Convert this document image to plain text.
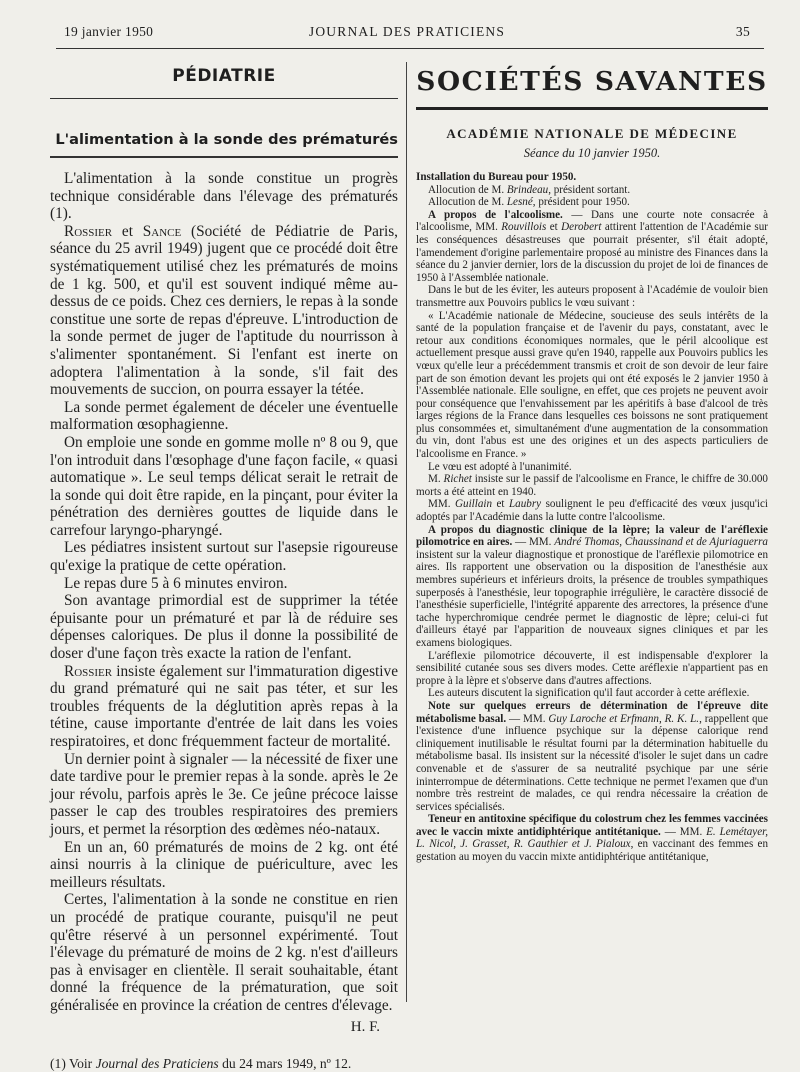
19 janvier 1950	JOURNAL DES PRATICIENS	35
PÉDIATRIE
L'alimentation à la sonde des prématurés

L'alimentation à la sonde constitue un progrès technique considérable dans l'élevage des prématurés (1).

Rossier et Sance (Société de Pédiatrie de Paris, séance du 25 avril 1949) jugent que ce procédé doit être systématiquement utilisé chez les prématurés de moins de 1 kg. 500, et qu'il est souvent indiqué même au-dessus de ce poids. Chez ces derniers, le repas à la sonde constitue une sorte de repas d'épreuve. L'introduction de la sonde permet de juger de l'aptitude du nourrisson à s'alimenter spontanément. Si l'enfant est inerte on adoptera l'alimentation à la sonde, s'il fait des mouvements de succion, on pourra essayer la tétée.

La sonde permet également de déceler une éventuelle malformation œsophagienne.

On emploie une sonde en gomme molle nº 8 ou 9, que l'on introduit dans l'œsophage d'une façon facile, « quasi automatique ». Le seul temps délicat serait le retrait de la sonde qui doit être rapide, en la pinçant, pour éviter la pénétration des dernières gouttes de liquide dans le carrefour laryngo-pharyngé.

Les pédiatres insistent surtout sur l'asepsie rigoureuse qu'exige la pratique de cette opération.

Le repas dure 5 à 6 minutes environ.

Son avantage primordial est de supprimer la tétée épuisante pour un prématuré et par là de réduire ses dépenses caloriques. De plus il donne la possibilité de doser d'une façon très exacte la ration de l'enfant.

Rossier insiste également sur l'immaturation digestive du grand prématuré qui ne sait pas téter, et sur les troubles fréquents de la déglutition après repas à la tétine, cause importante d'entrée de lait dans les voies respiratoires, et donc fréquemment facteur de mortalité.

Un dernier point à signaler — la nécessité de fixer une date tardive pour le premier repas à la sonde. après le 2e jour révolu, parfois après le 3e. Ce jeûne précoce laisse passer le cap des troubles respiratoires des premiers jours, et permet la résorption des œdèmes néo-nataux.

En un an, 60 prématurés de moins de 2 kg. ont été ainsi nourris à la clinique de puériculture, avec les meilleurs résultats.

Certes, l'alimentation à la sonde ne constitue en rien un procédé de pratique courante, puisqu'il ne peut qu'être réservé à un personnel expérimenté. Tout l'élevage du prématuré de moins de 2 kg. n'est d'ailleurs pas à envisager en clientèle. Il serait souhaitable, étant donné la fréquence de la prématuration, que soit généralisée en province la création de centres d'élevage.

H. F.
(1) Voir Journal des Praticiens du 24 mars 1949, nº 12.
SOCIÉTÉS SAVANTES
ACADÉMIE NATIONALE DE MÉDECINE
Séance du 10 janvier 1950.

Installation du Bureau pour 1950.

Allocution de M. Brindeau, président sortant.

Allocution de M. Lesné, président pour 1950.

A propos de l'alcoolisme. — Dans une courte note consacrée à l'alcoolisme, MM. Rouvillois et Derobert attirent l'attention de l'Académie sur les conséquences désastreuses que pourrait présenter, s'il était adopté, l'amendement d'origine parlementaire proposé au ministre des Finances dans la séance du 2 janvier dernier, lors de la discussion du projet de loi de finances de 1950 à l'Assemblée nationale.

Dans le but de les éviter, les auteurs proposent à l'Académie de vouloir bien transmettre aux Pouvoirs publics le vœu suivant :

« L'Académie nationale de Médecine, soucieuse des seuls intérêts de la santé de la population française et de l'avenir du pays, constatant, avec le retour aux conditions économiques normales, que le péril alcoolique est actuellement presque aussi grave qu'en 1940, rappelle aux Pouvoirs publics les vœux qu'elle leur a précédemment transmis et croit de son devoir de leur faire part de son émotion devant les projets qui ont été exposés le 2 janvier 1950 à l'Assemblée nationale. Elle souligne, en effet, que ces projets ne peuvent avoir pour conséquence que l'envahissement par les apéritifs à base d'alcool de très larges régions de la France dans lesquelles ces boissons ne sont pratiquement plus consommées et, simultanément d'une augmentation de la consommation du vin, dont l'abus est une des origines et un des aspects particuliers de l'alcoolisme en France. »

Le vœu est adopté à l'unanimité.

M. Richet insiste sur le passif de l'alcoolisme en France, le chiffre de 30.000 morts a été atteint en 1940.

MM. Guillain et Laubry soulignent le peu d'efficacité des vœux jusqu'ici adoptés par l'Académie dans la lutte contre l'alcoolisme.

A propos du diagnostic clinique de la lèpre; la valeur de l'aréflexie pilomotrice en aires. — MM. André Thomas, Chaussinand et de Ajuriaguerra insistent sur la valeur diagnostique et pronostique de l'aréflexie pilomotrice en aires. Ils rapportent une observation ou la disposition de l'anesthésie aux membres supérieurs et inférieurs droits, la présence de troubles sympathiques superposés à l'anesthésie, leur topographie irrégulière, le caractère dissocié de l'anesthésie superficielle, l'intégrité apparente des arrectores, la présence d'une tache hyperchromique cendrée permet le diagnostic de lèpre; celui-ci fut d'ailleurs étayé par l'apparition de nouveaux signes cliniques et par les examens biologiques.

L'aréflexie pilomotrice découverte, il est indispensable d'explorer la sensibilité cutanée sous ses divers modes. Cette aréflexie n'appartient pas en propre à la lèpre et s'observe dans d'autres affections.

Les auteurs discutent la signification qu'il faut accorder à cette aréflexie.

Note sur quelques erreurs de détermination de l'épreuve dite métabolisme basal. — MM. Guy Laroche et Erfmann, R. K. L., rappellent que l'existence d'une influence psychique sur la dépense calorique rend cliniquement inutilisable le résultat fourni par la détermination habituelle du métabolisme basal. Ils insistent sur la nécessité d'isoler le sujet dans un cadre convenable et de s'assurer de sa neutralité psychique par une série ininterrompue de déterminations. Cette technique ne permet l'examen que d'un nombre très restreint de malades, ce qui rendra nécessaire la création de services spécialisés.

Teneur en antitoxine spécifique du colostrum chez les femmes vaccinées avec le vaccin mixte antidiphtérique antitétanique. — MM. E. Lemétayer, L. Nicol, J. Grasset, R. Gauthier et J. Pialoux, en vaccinant des femmes en gestation au moyen du vaccin mixte antidiphtérique antitétanique,
